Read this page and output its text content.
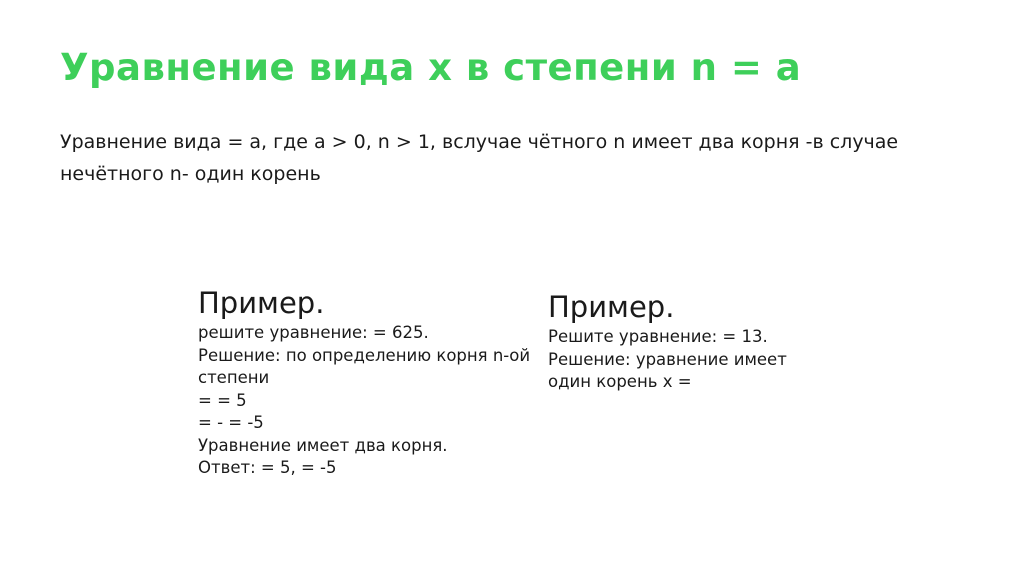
Уравнение вида х в степени n = a

Уравнение вида = а, где а > 0, n > 1, вслучае чётного n имеет два корня -в случае нечётного n- один корень

Пример.
решите уравнение: = 625.
Решение: по определению корня n-ой
степени
= = 5
= - = -5
Уравнение имеет два корня.
Ответ: = 5, = -5
Пример.
Решите уравнение: = 13.
Решение: уравнение имеет один корень х =
